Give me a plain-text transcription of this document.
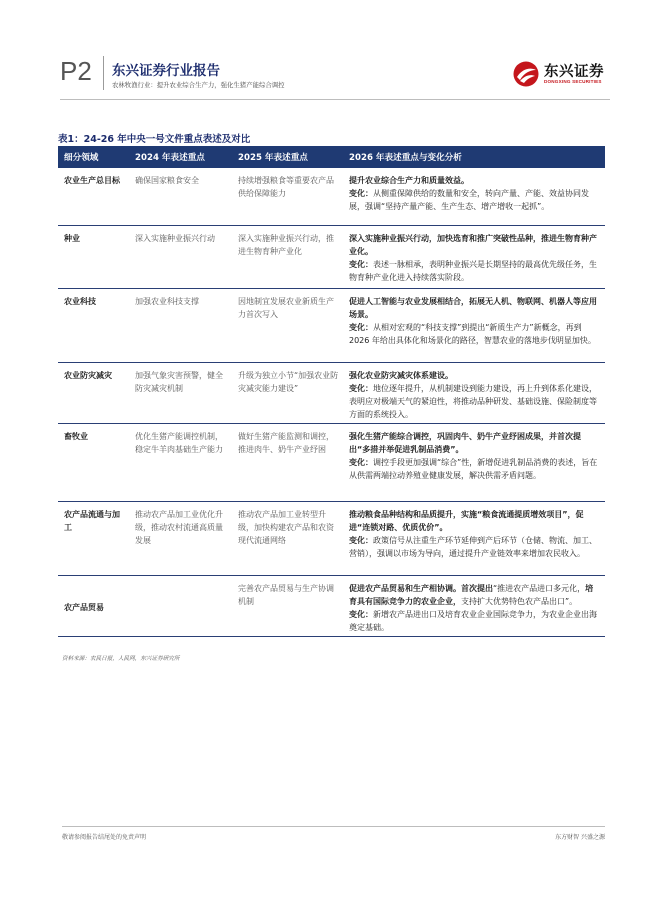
P2 东兴证券行业报告
农林牧渔行业：提升农业综合生产力，强化生猪产能综合调控
东兴证券
DONGXING SECURITIES
表1：24-26 年中央一号文件重点表述及对比
细分领域	2024 年表述重点	2025 年表述重点	2026 年表述重点与变化分析
农业生产总目标	确保国家粮食安全	持续增强粮食等重要农产品供给保障能力	提升农业综合生产力和质量效益。
变化：从侧重保障供给的数量和安全，转向产量、产能、效益协同发展，强调“坚持产量产能、生产生态、增产增收一起抓”。

种业	深入实施种业振兴行动	深入实施种业振兴行动，推进生物育种产业化	深入实施种业振兴行动，加快选育和推广突破性品种，推进生物育种产业化。
变化：表述一脉相承，表明种业振兴是长期坚持的最高优先级任务，生物育种产业化进入持续落实阶段。

农业科技	加强农业科技支撑	因地制宜发展农业新质生产力首次写入	促进人工智能与农业发展相结合，拓展无人机、物联网、机器人等应用场景。
变化：从相对宏观的“科技支撑”到提出“新质生产力”新概念，再到 2026 年给出具体化和场景化的路径，智慧农业的落地步伐明显加快。

农业防灾减灾	加强气象灾害预警，健全防灾减灾机制	升级为独立小节“加强农业防灾减灾能力建设”	强化农业防灾减灾体系建设。
变化：地位逐年提升，从机制建设到能力建设，再上升到体系化建设，表明应对极端天气的紧迫性，将推动品种研发、基础设施、保险制度等方面的系统投入。

畜牧业	优化生猪产能调控机制，稳定牛羊肉基础生产能力	做好生猪产能监测和调控，推进肉牛、奶牛产业纾困	强化生猪产能综合调控，巩固肉牛、奶牛产业纾困成果，并首次提出“多措并举促进乳制品消费”。
变化：调控手段更加强调“综合”性，新增促进乳制品消费的表述，旨在从供需两端拉动养殖业健康发展，解决供需矛盾问题。

农产品流通与加工	推动农产品加工业优化升级，推动农村流通高质量发展	推动农产品加工业转型升级，加快构建农产品和农资现代流通网络	推动粮食品种结构和品质提升，实施“粮食流通提质增效项目”，促进“连锁对路、优质优价”。
变化：政策信号从注重生产环节延伸到产后环节（仓储、物流、加工、营销），强调以市场为导向，通过提升产业链效率来增加农民收入。

农产品贸易		完善农产品贸易与生产协调机制	促进农产品贸易和生产相协调。首次提出“推进农产品进口多元化，培育具有国际竞争力的农业企业，支持扩大优势特色农产品出口”。
变化：新增农产品进出口及培育农业企业国际竞争力，为农业企业出海奠定基础。
资料来源：农民日报，人民网，东兴证券研究所
敬请参阅报告结尾处的免责声明	东方财智 兴盛之源
